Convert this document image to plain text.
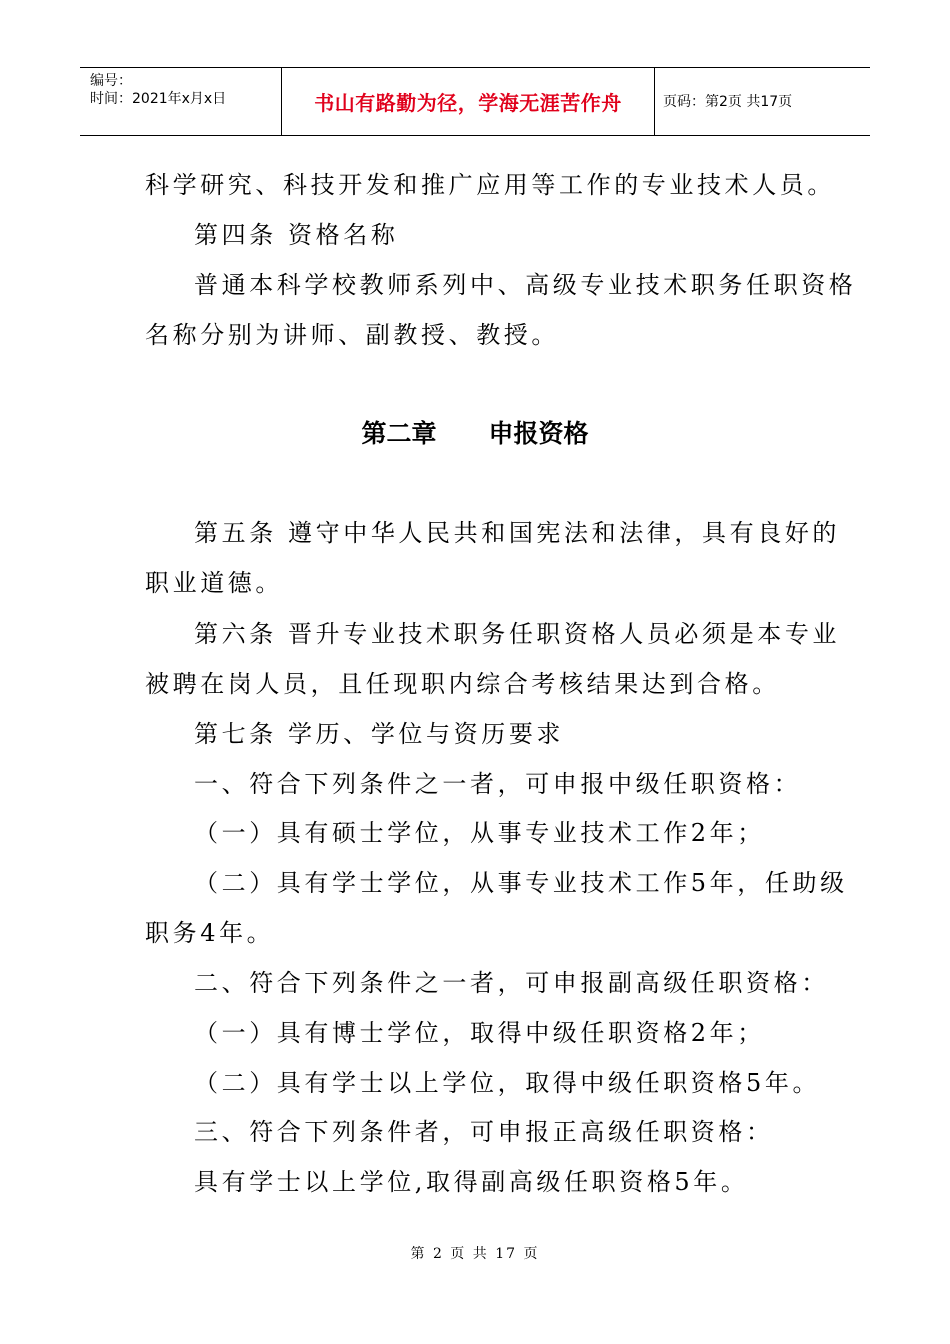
编号：
时间：2021年x月x日	书山有路勤为径，学海无涯苦作舟	页码：第2页 共17页
科学研究、科技开发和推广应用等工作的专业技术人员。
第四条 资格名称
普通本科学校教师系列中、高级专业技术职务任职资格
名称分别为讲师、副教授、教授。
第二章 申报资格
第五条 遵守中华人民共和国宪法和法律，具有良好的
职业道德。
第六条 晋升专业技术职务任职资格人员必须是本专业
被聘在岗人员，且任现职内综合考核结果达到合格。
第七条 学历、学位与资历要求
一、符合下列条件之一者，可申报中级任职资格：
（一）具有硕士学位，从事专业技术工作2年；
（二）具有学士学位，从事专业技术工作5年，任助级
职务4年。
二、符合下列条件之一者，可申报副高级任职资格：
（一）具有博士学位，取得中级任职资格2年；
（二）具有学士以上学位，取得中级任职资格5年。
三、符合下列条件者，可申报正高级任职资格：
具有学士以上学位,取得副高级任职资格5年。
第 2 页 共 17 页
